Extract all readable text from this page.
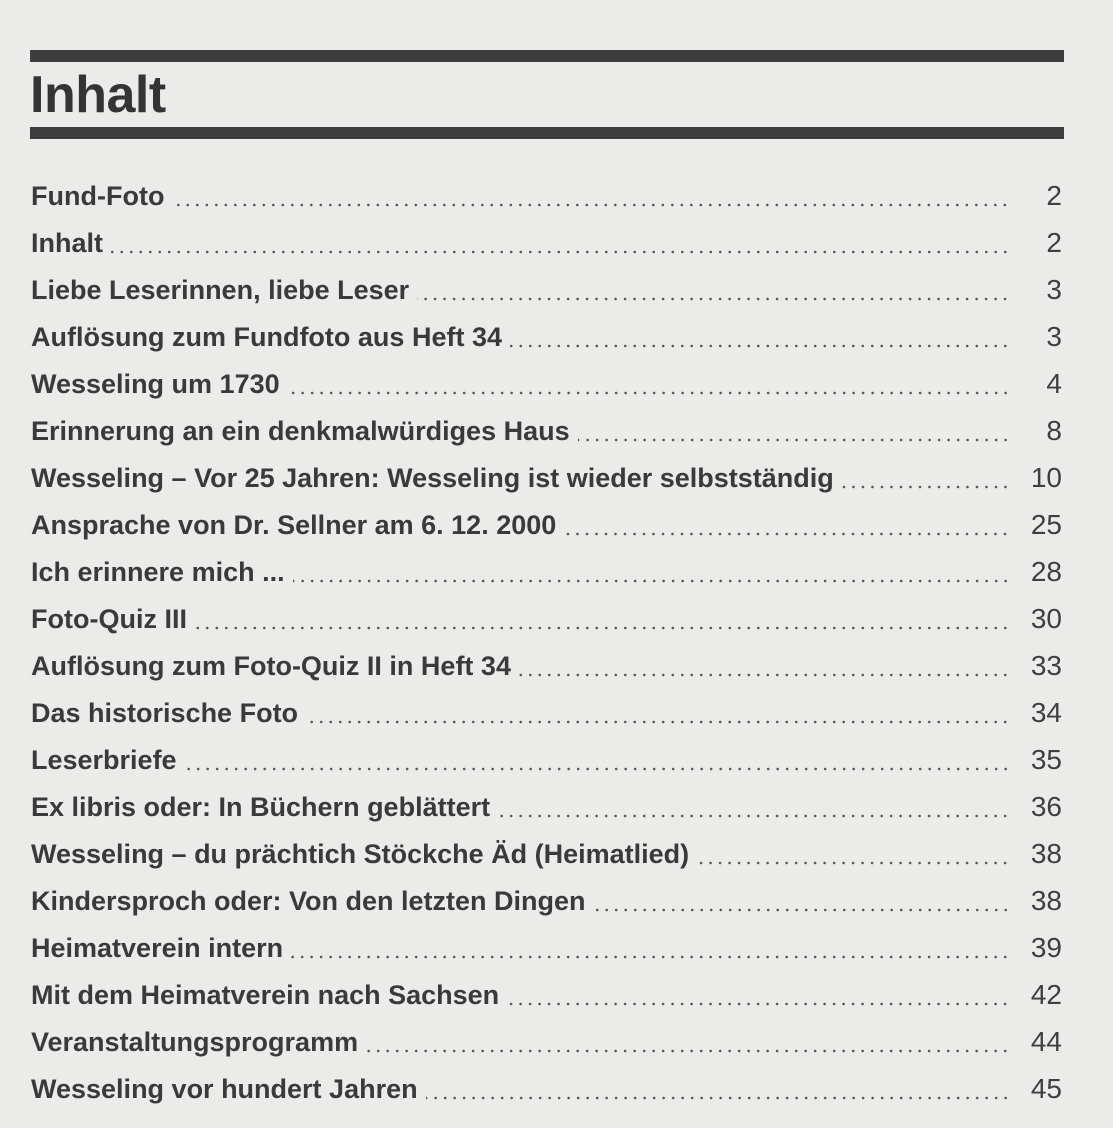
Inhalt
Fund-Foto	2
Inhalt	2
Liebe Leserinnen, liebe Leser	3
Auflösung zum Fundfoto aus Heft 34	3
Wesseling um 1730	4
Erinnerung an ein denkmalwürdiges Haus	8
Wesseling – Vor 25 Jahren: Wesseling ist wieder selbstständig	10
Ansprache von Dr. Sellner am 6. 12. 2000	25
Ich erinnere mich ...	28
Foto-Quiz III	30
Auflösung zum Foto-Quiz II in Heft 34	33
Das historische Foto	34
Leserbriefe	35
Ex libris oder: In Büchern geblättert	36
Wesseling – du prächtich Stöckche Äd (Heimatlied)	38
Kindersproch oder: Von den letzten Dingen	38
Heimatverein intern	39
Mit dem Heimatverein nach Sachsen	42
Veranstaltungsprogramm	44
Wesseling vor hundert Jahren	45
